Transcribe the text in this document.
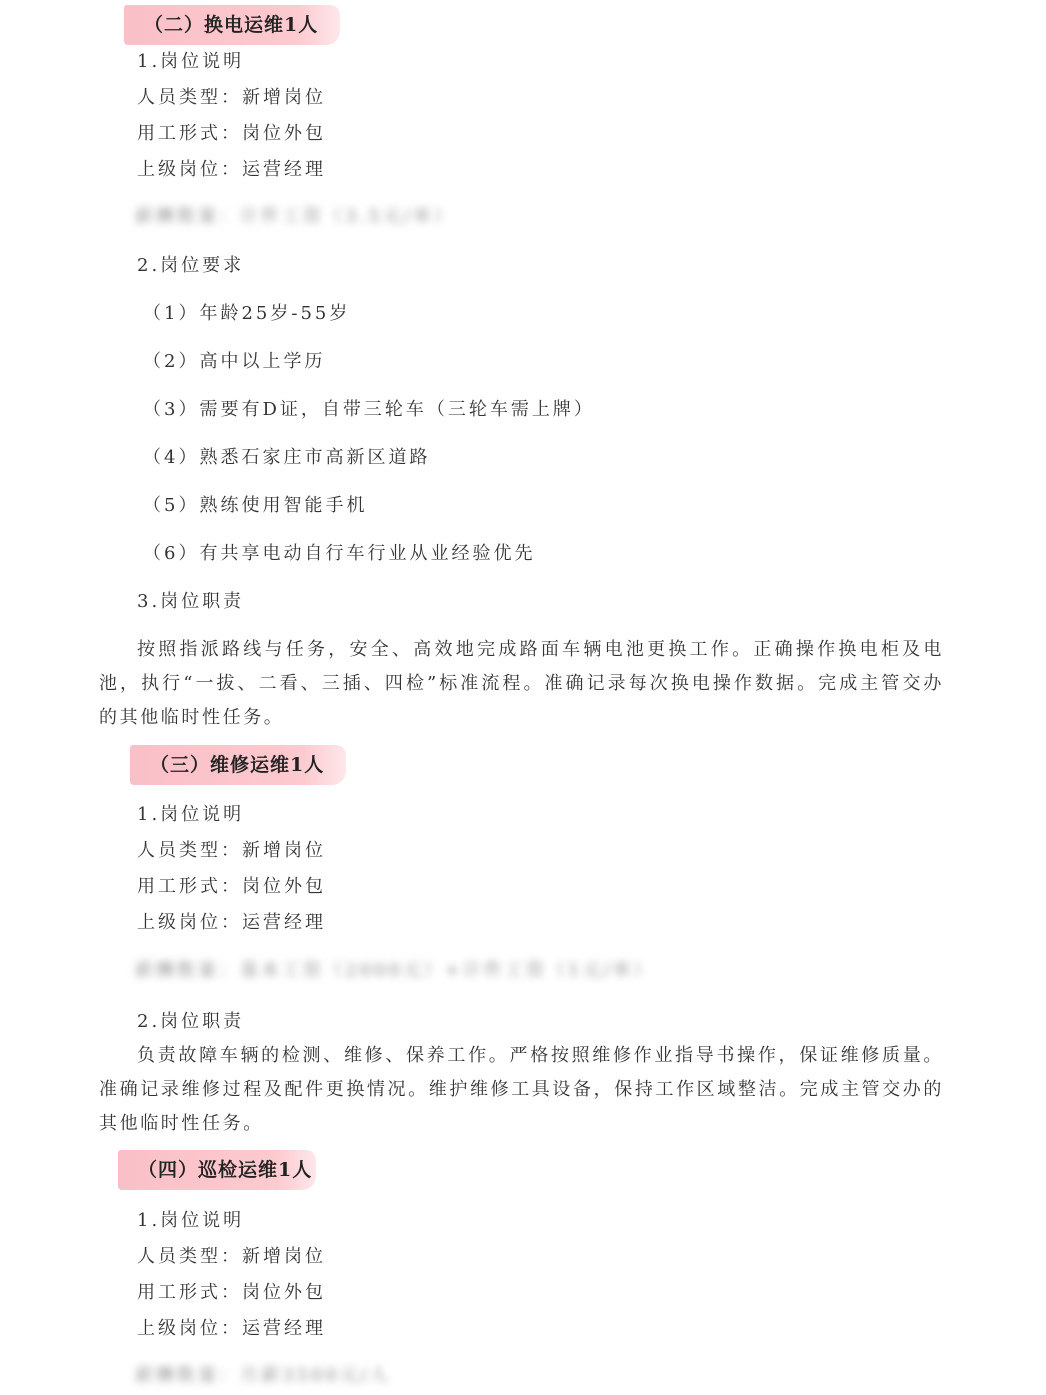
（二）换电运维1人
1.岗位说明
人员类型：新增岗位
用工形式：岗位外包
上级岗位：运营经理
薪酬数量：计件工资（3.5元/单）
2.岗位要求
（1）年龄25岁-55岁
（2）高中以上学历
（3）需要有D证，自带三轮车（三轮车需上牌）
（4）熟悉石家庄市高新区道路
（5）熟练使用智能手机
（6）有共享电动自行车行业从业经验优先
3.岗位职责
按照指派路线与任务，安全、高效地完成路面车辆电池更换工作。正确操作换电柜及电池，执行“一拔、二看、三插、四检”标准流程。准确记录每次换电操作数据。完成主管交办的其他临时性任务。
（三）维修运维1人
1.岗位说明
人员类型：新增岗位
用工形式：岗位外包
上级岗位：运营经理
薪酬数量：基本工资（2000元）+计件工资（1元/单）
2.岗位职责
负责故障车辆的检测、维修、保养工作。严格按照维修作业指导书操作，保证维修质量。准确记录维修过程及配件更换情况。维护维修工具设备，保持工作区域整洁。完成主管交办的其他临时性任务。
（四）巡检运维1人
1.岗位说明
人员类型：新增岗位
用工形式：岗位外包
上级岗位：运营经理
薪酬数量：月薪3500元/人
